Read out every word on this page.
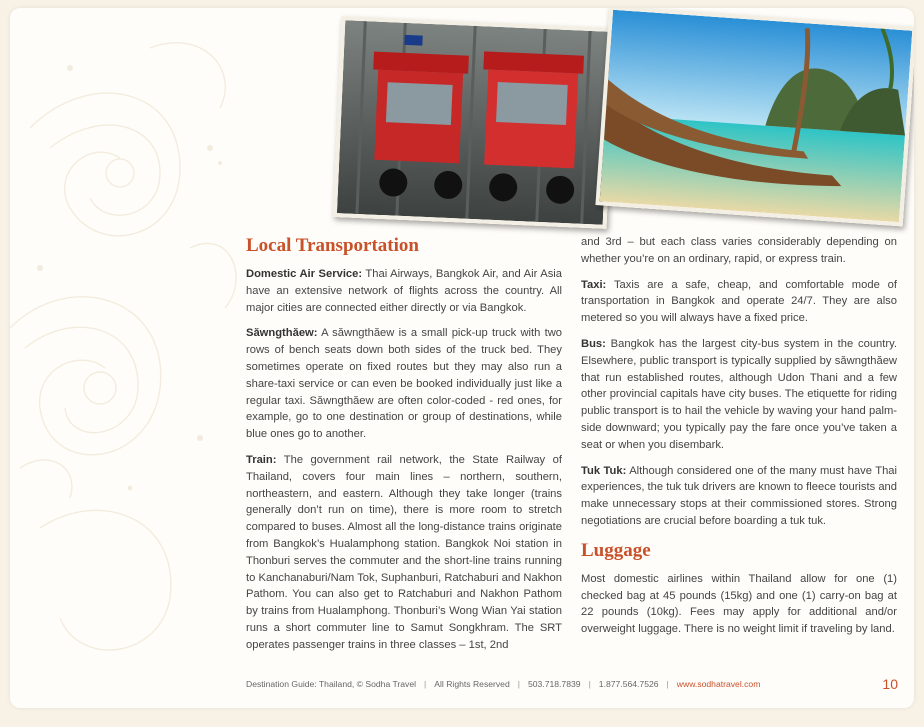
Local Transportation

Domestic Air Service: Thai Airways, Bangkok Air, and Air Asia have an extensive network of flights across the country. All major cities are connected either directly or via Bangkok.

Săwngthăew: A săwngthăew is a small pick-up truck with two rows of bench seats down both sides of the truck bed. They sometimes operate on fixed routes but they may also run a share-taxi service or can even be booked individually just like a regular taxi. Săwngthăew are often color-coded - red ones, for example, go to one destination or group of destinations, while blue ones go to another.

Train: The government rail network, the State Railway of Thailand, covers four main lines – northern, southern, northeastern, and eastern. Although they take longer (trains generally don’t run on time), there is more room to stretch compared to buses. Almost all the long-distance trains originate from Bangkok’s Hualamphong station. Bangkok Noi station in Thonburi serves the commuter and the short-line trains running to Kanchanaburi/Nam Tok, Suphanburi, Ratchaburi and Nakhon Pathom. You can also get to Ratchaburi and Nakhon Pathom by trains from Hualamphong. Thonburi’s Wong Wian Yai station runs a short commuter line to Samut Songkhram. The SRT operates passenger trains in three classes – 1st, 2nd

and 3rd – but each class varies considerably depending on whether you’re on an ordinary, rapid, or express train.

Taxi: Taxis are a safe, cheap, and comfortable mode of transportation in Bangkok and operate 24/7. They are also metered so you will always have a fixed price.

Bus: Bangkok has the largest city-bus system in the country. Elsewhere, public transport is typically supplied by săwngthăew that run established routes, although Udon Thani and a few other provincial capitals have city buses. The etiquette for riding public transport is to hail the vehicle by waving your hand palm-side downward; you typically pay the fare once you’ve taken a seat or when you disembark.

Tuk Tuk: Although considered one of the many must have Thai experiences, the tuk tuk drivers are known to fleece tourists and make unnecessary stops at their commissioned stores. Strong negotiations are crucial before boarding a tuk tuk.

Luggage

Most domestic airlines within Thailand allow for one (1) checked bag at 45 pounds (15kg) and one (1) carry-on bag at 22 pounds (10kg). Fees may apply for additional and/or overweight luggage. There is no weight limit if traveling by land.

Destination Guide: Thailand, © Sodha Travel | All Rights Reserved | 503.718.7839 | 1.877.564.7526 | www.sodhatravel.com	10
